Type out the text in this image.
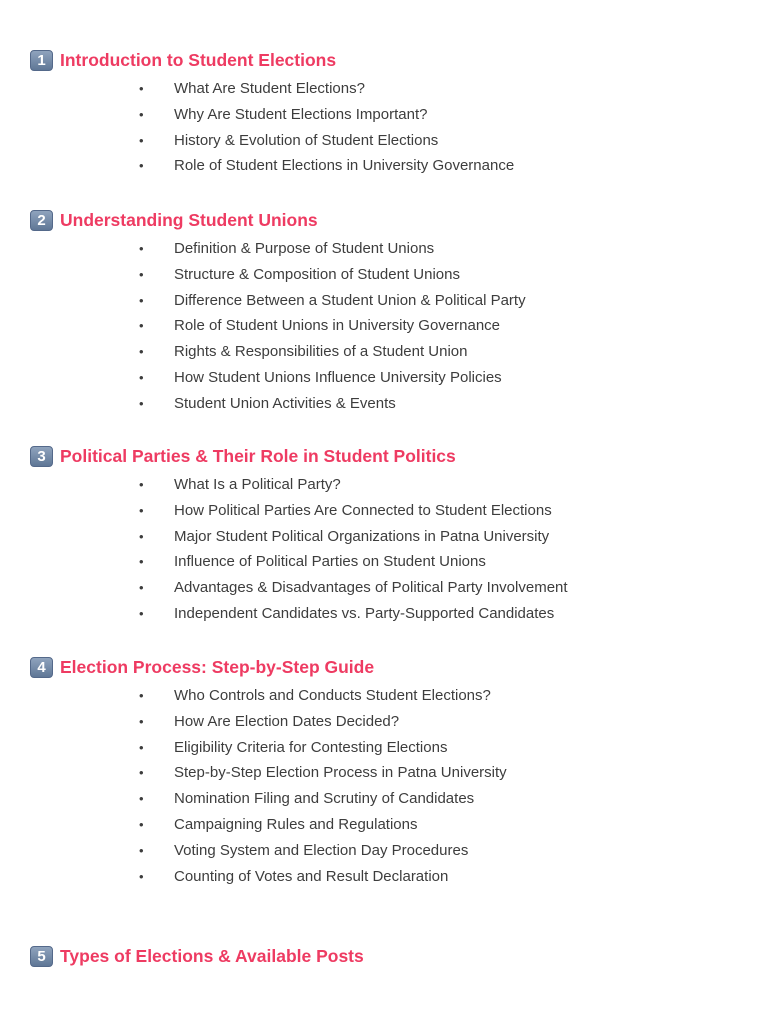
1 Introduction to Student Elections
• What Are Student Elections?
• Why Are Student Elections Important?
• History & Evolution of Student Elections
• Role of Student Elections in University Governance
2 Understanding Student Unions
• Definition & Purpose of Student Unions
• Structure & Composition of Student Unions
• Difference Between a Student Union & Political Party
• Role of Student Unions in University Governance
• Rights & Responsibilities of a Student Union
• How Student Unions Influence University Policies
• Student Union Activities & Events
3 Political Parties & Their Role in Student Politics
• What Is a Political Party?
• How Political Parties Are Connected to Student Elections
• Major Student Political Organizations in Patna University
• Influence of Political Parties on Student Unions
• Advantages & Disadvantages of Political Party Involvement
• Independent Candidates vs. Party-Supported Candidates
4 Election Process: Step-by-Step Guide
• Who Controls and Conducts Student Elections?
• How Are Election Dates Decided?
• Eligibility Criteria for Contesting Elections
• Step-by-Step Election Process in Patna University
• Nomination Filing and Scrutiny of Candidates
• Campaigning Rules and Regulations
• Voting System and Election Day Procedures
• Counting of Votes and Result Declaration
5 Types of Elections & Available Posts
